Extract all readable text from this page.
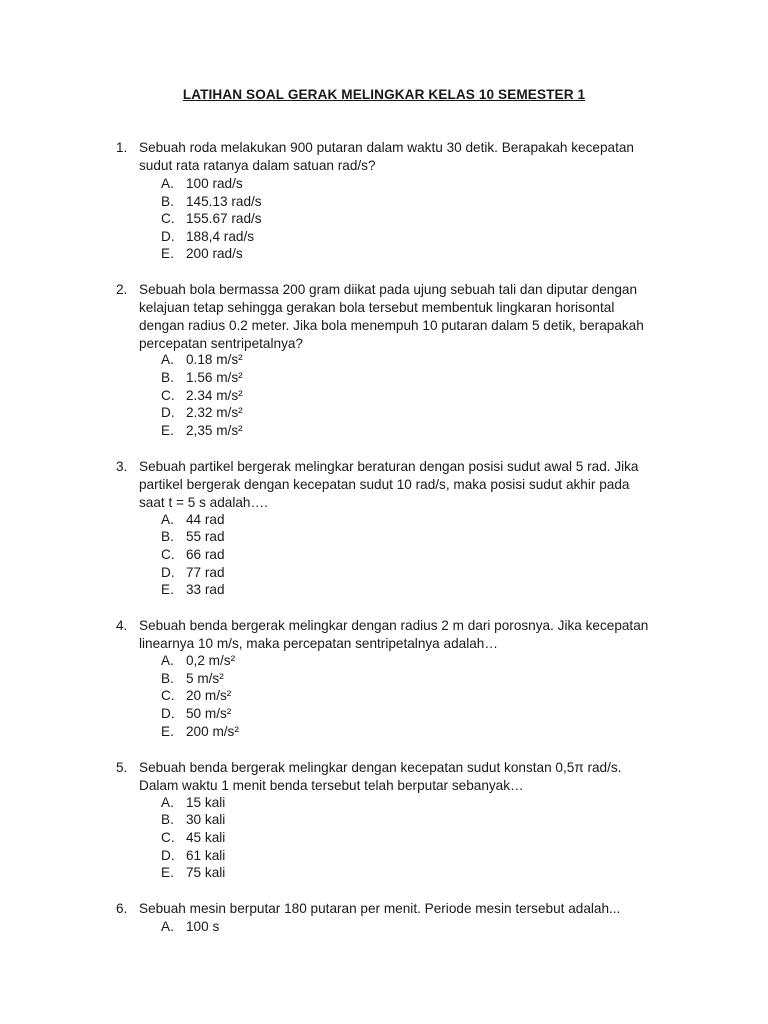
LATIHAN SOAL GERAK MELINGKAR KELAS 10 SEMESTER 1
1. Sebuah roda melakukan 900 putaran dalam waktu 30 detik. Berapakah kecepatan
sudut rata ratanya dalam satuan rad/s?
A. 100 rad/s
B. 145.13 rad/s
C. 155.67 rad/s
D. 188,4 rad/s
E. 200 rad/s
2. Sebuah bola bermassa 200 gram diikat pada ujung sebuah tali dan diputar dengan
kelajuan tetap sehingga gerakan bola tersebut membentuk lingkaran horisontal
dengan radius 0.2 meter. Jika bola menempuh 10 putaran dalam 5 detik, berapakah
percepatan sentripetalnya?
A. 0.18 m/s²
B. 1.56 m/s²
C. 2.34 m/s²
D. 2.32 m/s²
E. 2,35 m/s²
3. Sebuah partikel bergerak melingkar beraturan dengan posisi sudut awal 5 rad. Jika
partikel bergerak dengan kecepatan sudut 10 rad/s, maka posisi sudut akhir pada
saat t = 5 s adalah….
A. 44 rad
B. 55 rad
C. 66 rad
D. 77 rad
E. 33 rad
4. Sebuah benda bergerak melingkar dengan radius 2 m dari porosnya. Jika kecepatan
linearnya 10 m/s, maka percepatan sentripetalnya adalah…
A. 0,2 m/s²
B. 5 m/s²
C. 20 m/s²
D. 50 m/s²
E. 200 m/s²
5. Sebuah benda bergerak melingkar dengan kecepatan sudut konstan 0,5π rad/s.
Dalam waktu 1 menit benda tersebut telah berputar sebanyak…
A. 15 kali
B. 30 kali
C. 45 kali
D. 61 kali
E. 75 kali
6. Sebuah mesin berputar 180 putaran per menit. Periode mesin tersebut adalah...
A. 100 s
